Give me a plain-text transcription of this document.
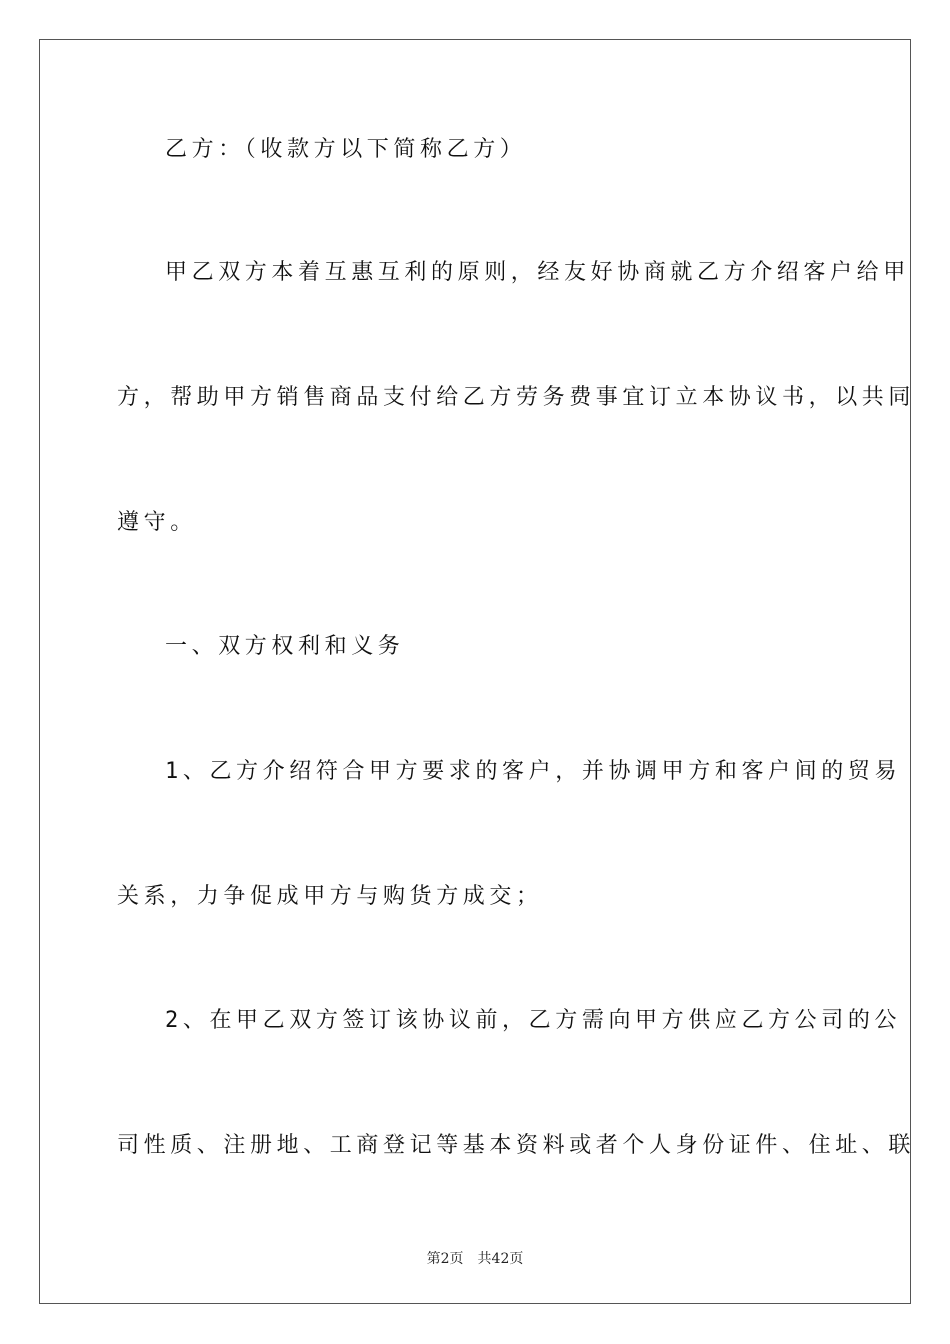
乙方：（收款方以下简称乙方）

甲乙双方本着互惠互利的原则，经友好协商就乙方介绍客户给甲

方，帮助甲方销售商品支付给乙方劳务费事宜订立本协议书，以共同

遵守。

一、双方权利和义务

1、乙方介绍符合甲方要求的客户，并协调甲方和客户间的贸易

关系，力争促成甲方与购货方成交；

2、在甲乙双方签订该协议前，乙方需向甲方供应乙方公司的公

司性质、注册地、工商登记等基本资料或者个人身份证件、住址、联

第2页 共42页
